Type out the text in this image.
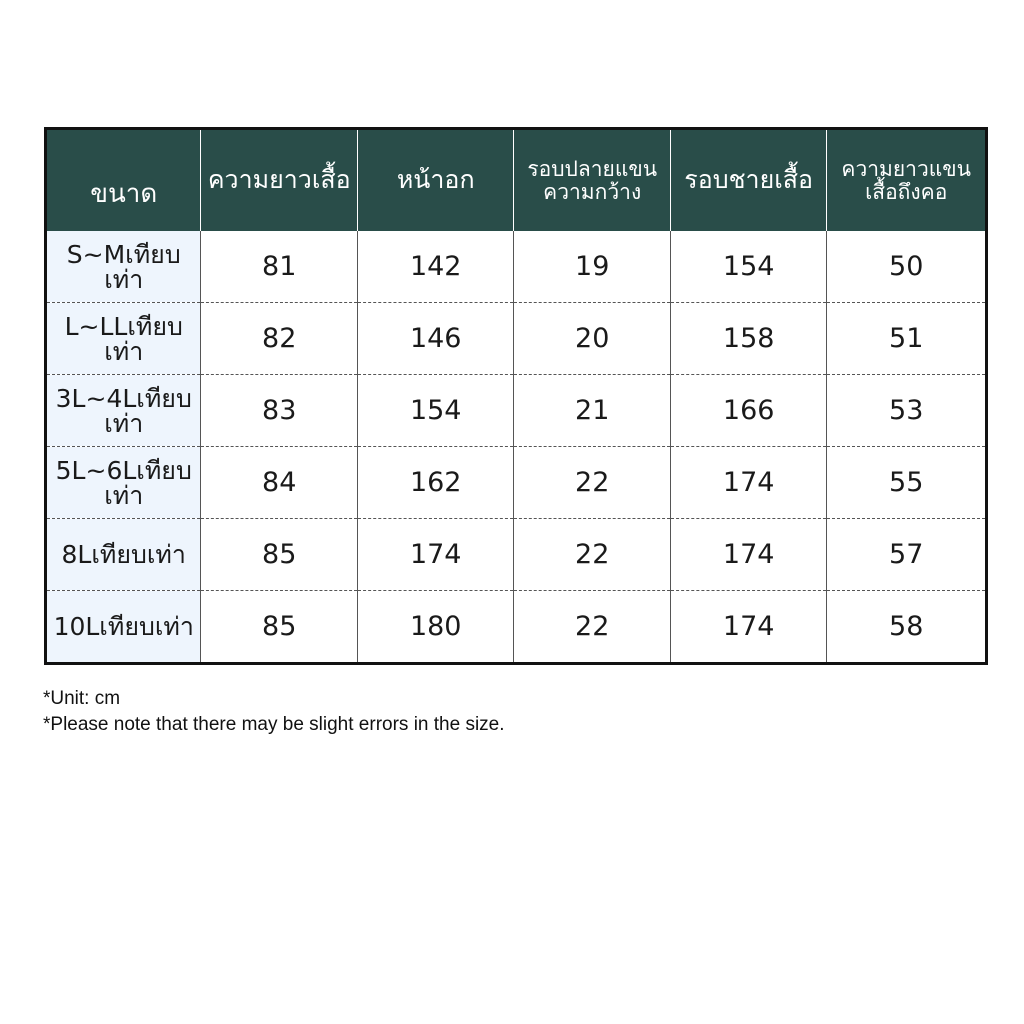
ขนาด	ความยาวเสื้อ	หน้าอก	รอบปลายแขนความกว้าง	รอบชายเสื้อ	ความยาวแขนเสื้อถึงคอ
S~Mเทียบเท่า	81	142	19	154	50
L~LLเทียบเท่า	82	146	20	158	51
3L~4Lเทียบเท่า	83	154	21	166	53
5L~6Lเทียบเท่า	84	162	22	174	55
8Lเทียบเท่า	85	174	22	174	57
10Lเทียบเท่า	85	180	22	174	58
*Unit: cm
*Please note that there may be slight errors in the size.
